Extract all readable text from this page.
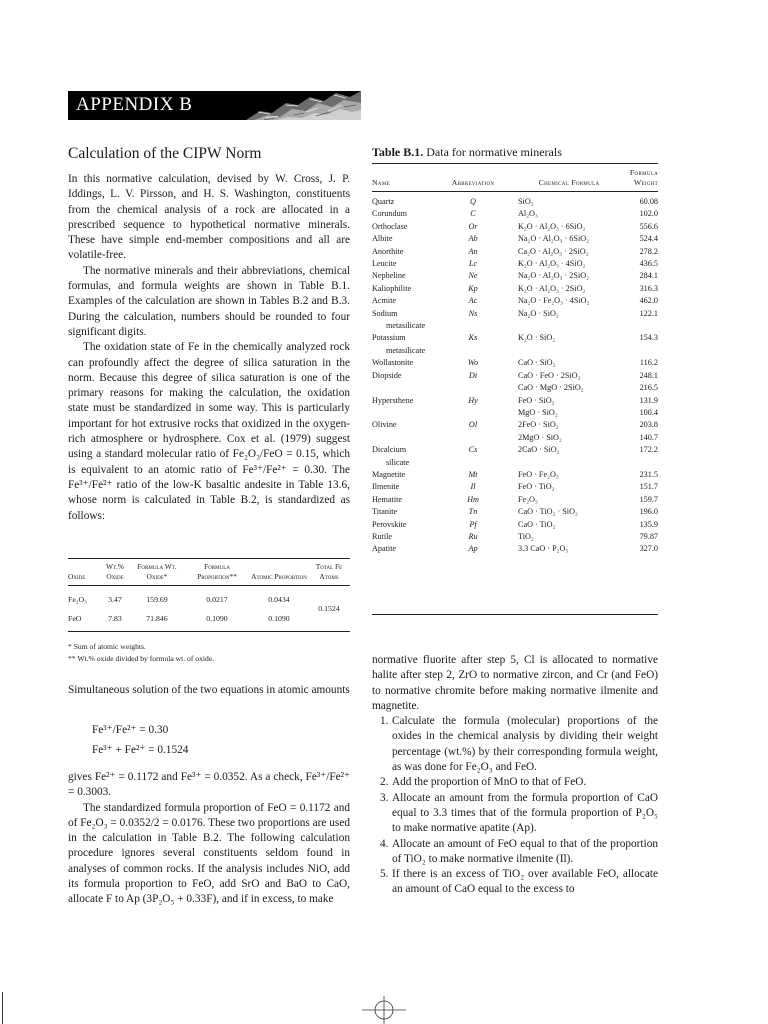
APPENDIX B
Calculation of the CIPW Norm

In this normative calculation, devised by W. Cross, J. P. Iddings, L. V. Pirsson, and H. S. Washington, constituents from the chemical analysis of a rock are allocated in a prescribed sequence to hypothetical normative minerals. These have simple end-member compositions and all are volatile-free.

The normative minerals and their abbreviations, chemical formulas, and formula weights are shown in Table B.1. Examples of the calculation are shown in Tables B.2 and B.3. During the calculation, numbers should be rounded to four significant digits.

The oxidation state of Fe in the chemically analyzed rock can profoundly affect the degree of silica saturation in the norm. Because this degree of silica saturation is one of the primary reasons for making the calculation, the oxidation state must be standardized in some way. This is particularly important for hot extrusive rocks that oxidized in the oxygen-rich atmosphere or hydrosphere. Cox et al. (1979) suggest using a standard molecular ratio of Fe₂O₃/FeO = 0.15, which is equivalent to an atomic ratio of Fe³⁺/Fe²⁺ = 0.30. The Fe³⁺/Fe²⁺ ratio of the low-K basaltic andesite in Table 13.6, whose norm is calculated in Table B.2, is standardized as follows:

Oxide	Wt.% Oxide	Formula Wt. Oxide*	Formula Proportion**	Atomic Proportion	Total Fe Atoms
Fe₂O₃	3.47	159.69	0.0217	0.0434	0.1524
FeO	7.83	71.846	0.1090	0.1090	
* Sum of atomic weights.
** Wt.% oxide divided by formula wt. of oxide.

Simultaneous solution of the two equations in atomic amounts

Fe³⁺/Fe²⁺ = 0.30
Fe³⁺ + Fe²⁺ = 0.1524

gives Fe²⁺ = 0.1172 and Fe³⁺ = 0.0352. As a check, Fe³⁺/Fe²⁺ = 0.3003.

The standardized formula proportion of FeO = 0.1172 and of Fe₂O₃ = 0.0352/2 = 0.0176. These two proportions are used in the calculation in Table B.2. The following calculation procedure ignores several constituents seldom found in analyses of common rocks. If the analysis includes NiO, add its formula proportion to FeO, add SrO and BaO to CaO, allocate F to Ap (3P₂O₅ + 0.33F), and if in excess, to make

Table B.1. Data for normative minerals
Name	Abbreviation	Chemical Formula	Formula Weight
Quartz	Q	SiO₂	60.08
Corundum	C	Al₂O₃	102.0
Orthoclase	Or	K₂O · Al₂O₃ · 6SiO₂	556.6
Albite	Ab	Na₂O · Al₂O₃ · 6SiO₂	524.4
Anorthite	An	Ca₂O · Al₂O₃ · 2SiO₂	278.2
Leucite	Lc	K₂O · Al₂O₃ · 4SiO₂	436.5
Nepheline	Ne	Na₂O · Al₂O₃ · 2SiO₂	284.1
Kaliophilite	Kp	K₂O · Al₂O₃ · 2SiO₂	316.3
Acmite	Ac	Na₂O · Fe₂O₃ · 4SiO₂	462.0
Sodium
metasilicate	Ns	Na₂O · SiO₂	122.1
Potassium
metasilicate	Ks	K₂O · SiO₂	154.3
Wollastonite	Wo	CaO · SiO₂	116.2
Diopside	Di	CaO · FeO · 2SiO₂	248.1
		CaO · MgO · 2SiO₂	216.5
Hypersthene	Hy	FeO · SiO₂	131.9
		MgO · SiO₂	100.4
Olivine	Ol	2FeO · SiO₂	203.8
		2MgO · SiO₂	140.7
Dicalcium
silicate	Cs	2CaO · SiO₂	172.2
Magnetite	Mt	FeO · Fe₂O₃	231.5
Ilmenite	Il	FeO · TiO₂	151.7
Hematite	Hm	Fe₂O₃	159.7
Titanite	Tn	CaO · TiO₂ · SiO₂	196.0
Perovskite	Pf	CaO · TiO₂	135.9
Rutile	Ru	TiO₂	79.87
Apatite	Ap	3.3 CaO · P₂O₅	327.0

normative fluorite after step 5, Cl is allocated to normative halite after step 2, ZrO to normative zircon, and Cr (and FeO) to normative chromite before making normative ilmenite and magnetite.

1. Calculate the formula (molecular) proportions of the oxides in the chemical analysis by dividing their weight percentage (wt.%) by their corresponding formula weight, as was done for Fe₂O₃ and FeO.
2. Add the proportion of MnO to that of FeO.
3. Allocate an amount from the formula proportion of CaO equal to 3.3 times that of the formula proportion of P₂O₅ to make normative apatite (Ap).
4. Allocate an amount of FeO equal to that of the proportion of TiO₂ to make normative ilmenite (Il).
5. If there is an excess of TiO₂ over available FeO, allocate an amount of CaO equal to the excess to
